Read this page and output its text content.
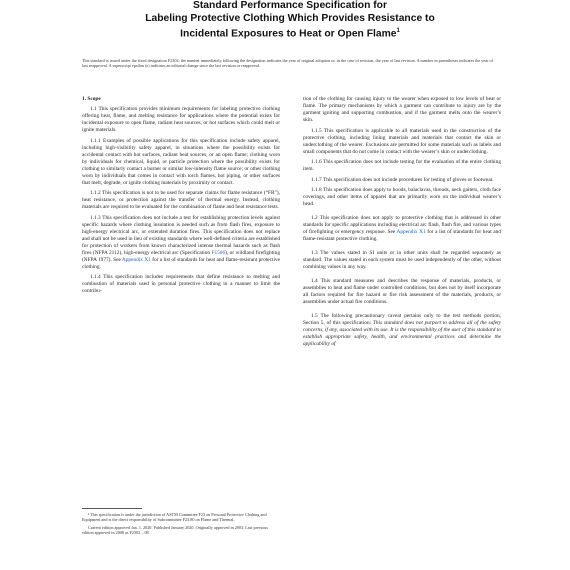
Standard Performance Specification for
Labeling Protective Clothing Which Provides Resistance to
Incidental Exposures to Heat or Open Flame$^1$
This standard is issued under the fixed designation F2302; the number immediately following the designation indicates the year of original adoption or, in the case of revision, the year of last revision. A number in parentheses indicates the year of last reapproval. A superscript epsilon (ε) indicates an editorial change since the last revision or reapproval.

1. Scope

1.1 This specification provides minimum requirements for labeling protective clothing offering heat, flame, and melting resistance for applications where the potential exists for incidental exposure to open flame, radiant heat sources, or hot surfaces which could melt or ignite materials.

1.1.1 Examples of possible applications for this specification include safety apparel, including high-visibility safety apparel, in situations where the possibility exists for accidental contact with hot surfaces, radiant heat sources, or an open flame; clothing worn by individuals for chemical, liquid, or particle protection where the possibility exists for clothing to similarly contact a burner or similar low-intensity flame source; or other clothing worn by individuals that comes in contact with torch flames, hot piping, or other surfaces that melt, degrade, or ignite clothing materials by proximity or contact.

1.1.2 This specification is not to be used for separate claims for flame resistance (“FR”), heat resistance, or protection against the transfer of thermal energy. Instead, clothing materials are required to be evaluated for the combination of flame and heat resistance tests.

1.1.3 This specification does not include a test for establishing protection levels against specific hazards where clothing insulation is needed such as from flash fires, exposure to high-energy electrical arc, or extended duration fires. This specification does not replace and shall not be used in lieu of existing standards where well-defined criteria are established for protection of workers from known characterized intense thermal hazards such as flash fires (NFPA 2112), high-energy electrical arc (Specification F1506), or wildland firefighting (NFPA 1977). See Appendix X1 for a list of standards for heat and flame-resistant protective clothing.

1.1.4 This specification includes requirements that define resistance to melting and combustion of materials used in personal protective clothing in a manner to limit the contribu-

¹ This specification is under the jurisdiction of ASTM Committee F23 on Personal Protective Clothing and Equipment and is the direct responsibility of Subcommittee F23.80 on Flame and Thermal.

Current edition approved Jan. 1, 2020. Published January 2020. Originally approved in 2003. Last previous edition approved in 2008 as F2302 – 08.

tion of the clothing for causing injury to the wearer when exposed to low levels of heat or flame. The primary mechanisms by which a garment can contribute to injury are by the garment igniting and supporting combustion, and if the garment melts onto the wearer’s skin.

1.1.5 This specification is applicable to all materials used in the construction of the protective clothing, including lining materials and materials that contact the skin or underclothing of the wearer. Exclusions are permitted for some materials such as labels and small components that do not come in contact with the wearer’s skin or underclothing.

1.1.6 This specification does not include testing for the evaluation of the entire clothing item.

1.1.7 This specification does not include procedures for testing of gloves or footwear.

1.1.8 This specification does apply to hoods, balaclavas, threads, neck gaiters, cloth face coverings, and other items of apparel that are primarily worn on the individual wearer’s head.

1.2 This specification does not apply to protective clothing that is addressed in other standards for specific applications including electrical arc flash, flash fire, and various types of firefighting or emergency response. See Appendix X1 for a list of standards for heat and flame-resistant protective clothing.

1.3 The values stated in SI units or in other units shall be regarded separately as standard. The values stated in each system must be used independently of the other, without combining values in any way.

1.4 This standard measures and describes the response of materials, products, or assemblies to heat and flame under controlled conditions, but does not by itself incorporate all factors required for fire hazard or fire risk assessment of the materials, products, or assemblies under actual fire conditions.

1.5 The following precautionary caveat pertains only to the test methods portion, Section 5, of this specification: This standard does not purport to address all of the safety concerns, if any, associated with its use. It is the responsibility of the user of this standard to establish appropriate safety, health, and environmental practices and determine the applicability of
